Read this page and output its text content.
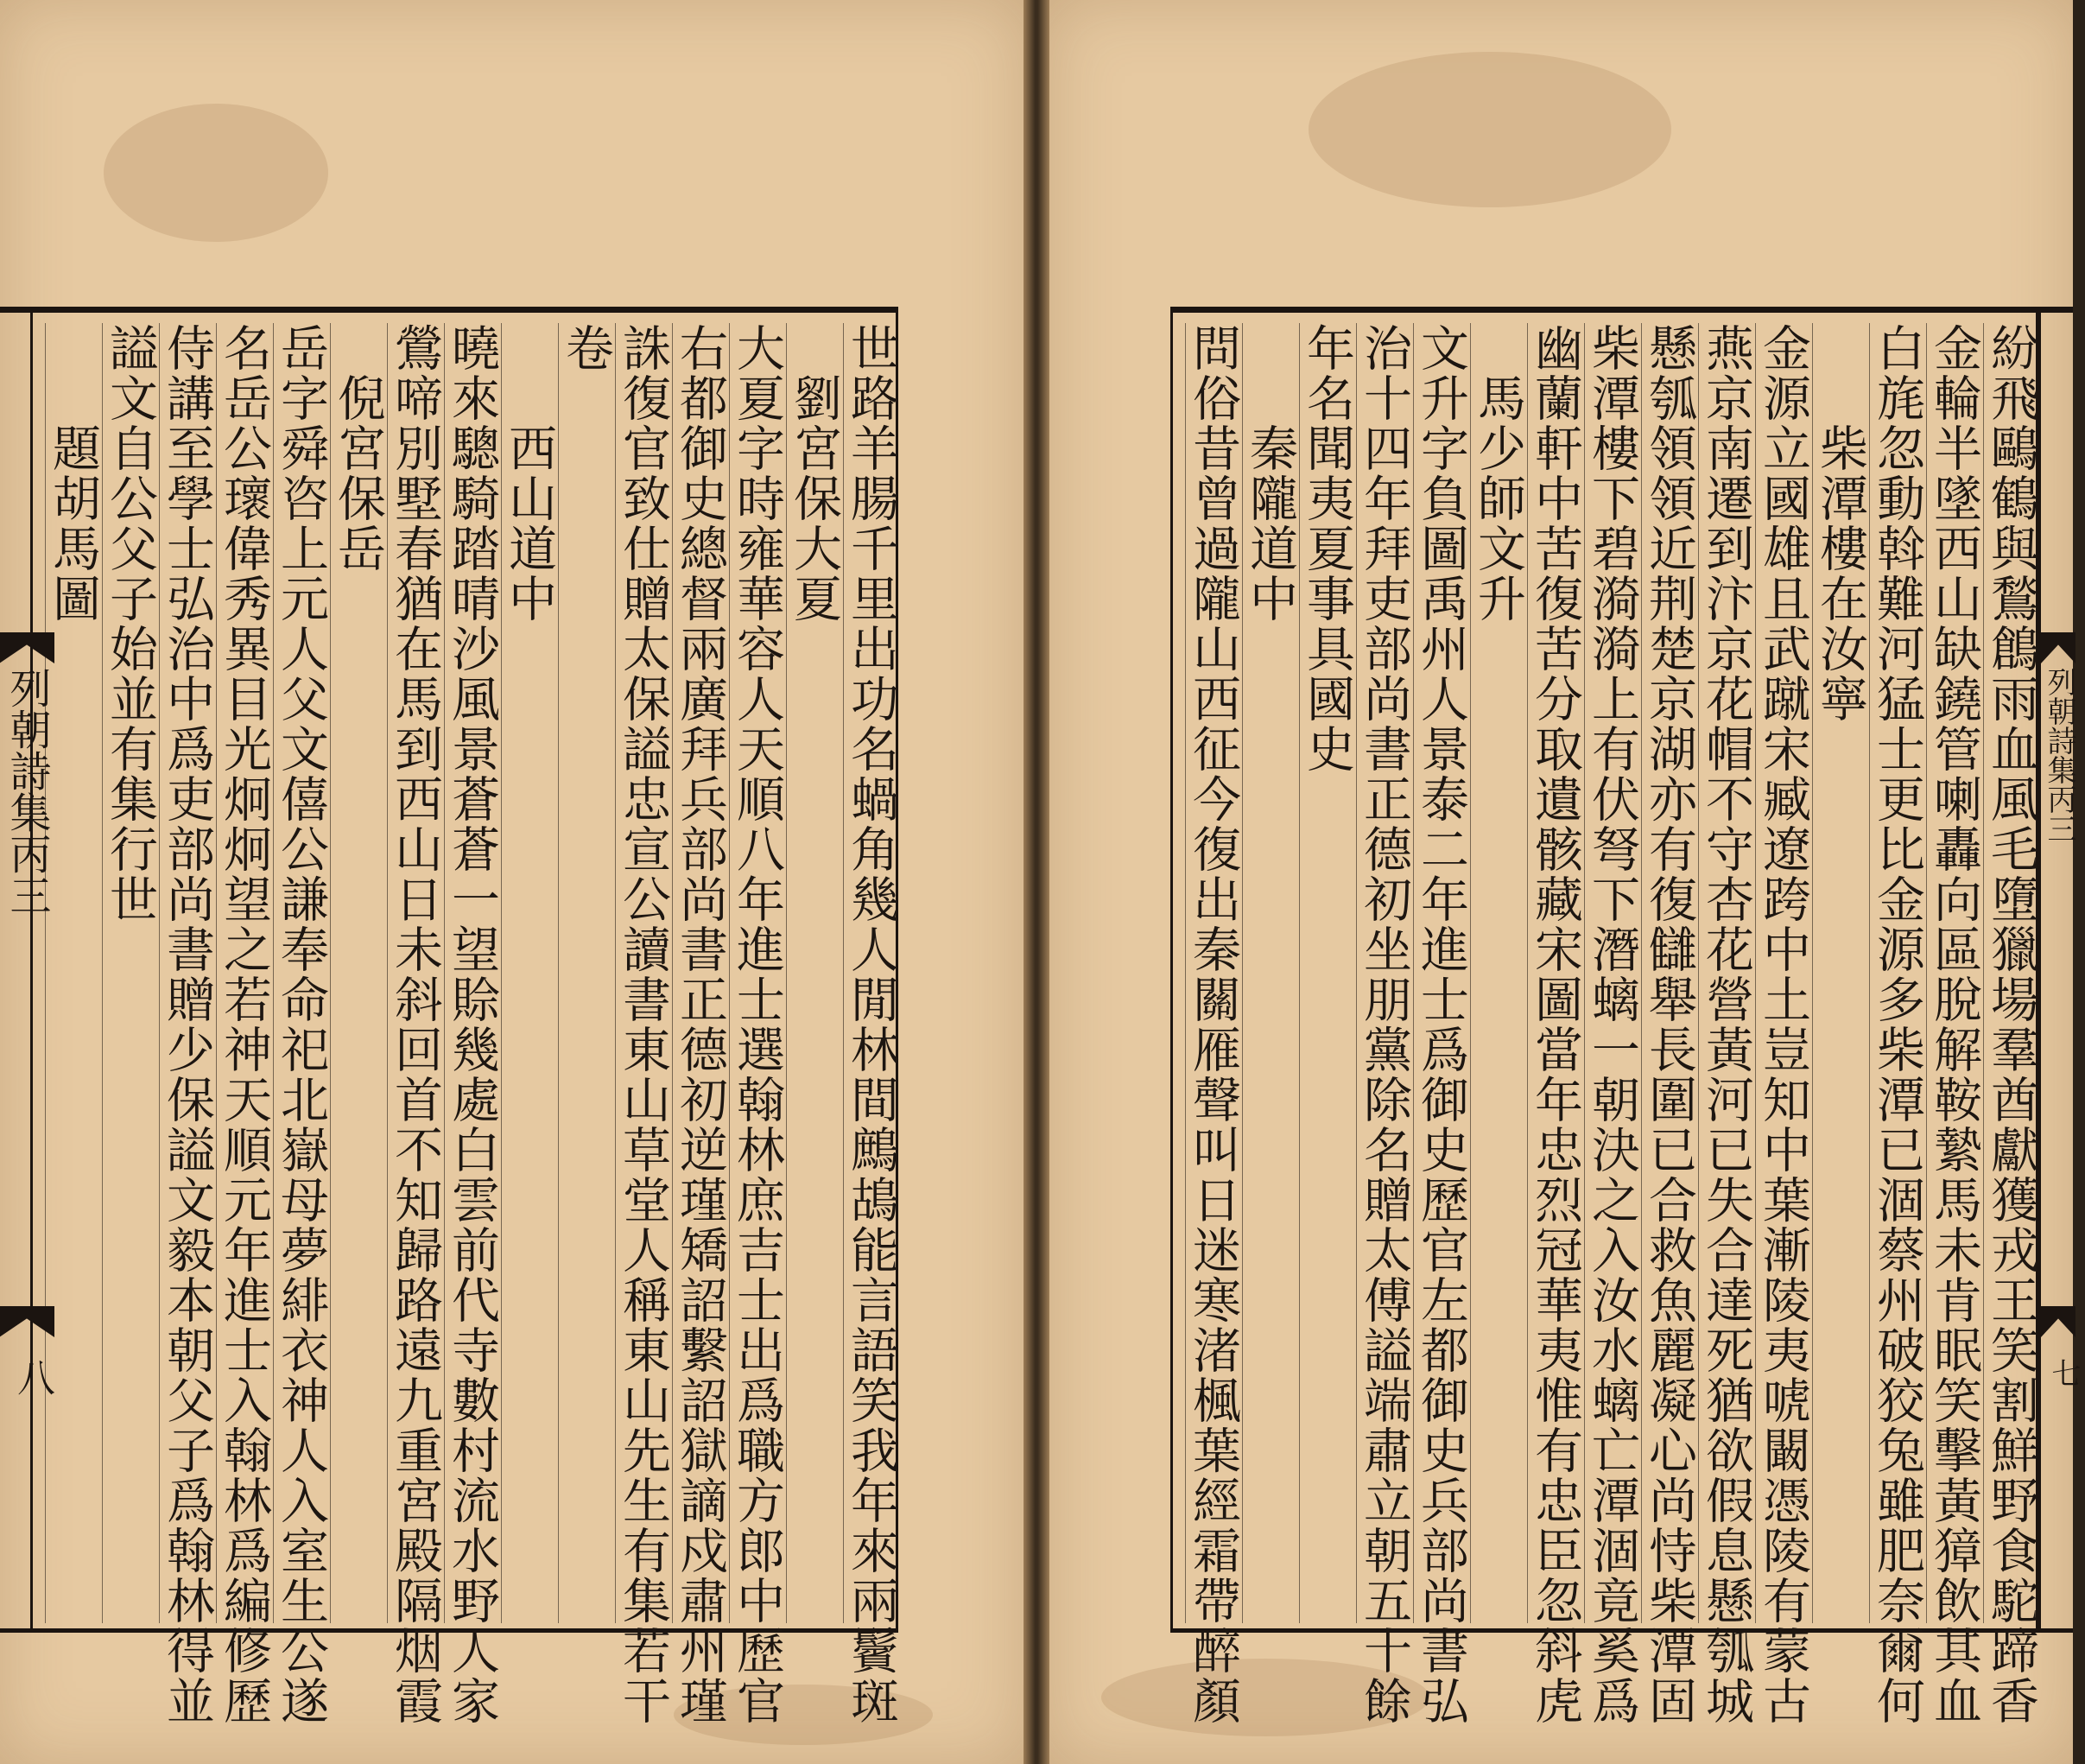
列朝詩集丙三
八	世路羊腸千里出功名蝸角幾人閒林間鷓鴣能言語笑我年來兩鬢斑
　劉宮保大夏
大夏字時雍華容人天順八年進士選翰林庶吉士出爲職方郎中歷官
右都御史總督兩廣拜兵部尚書正德初逆瑾矯詔繫詔獄謫戍肅州瑾
誅復官致仕贈太保謚忠宣公讀書東山草堂人稱東山先生有集若干
卷
　　西山道中
曉來驄騎踏晴沙風景蒼蒼一望賒幾處白雲前代寺數村流水野人家
鶯啼別墅春猶在馬到西山日未斜回首不知歸路遠九重宮殿隔烟霞
　倪宮保岳
岳字舜咨上元人父文僖公謙奉命祀北嶽母夢緋衣神人入室生公遂
名岳公瓌偉秀異目光炯炯望之若神天順元年進士入翰林爲編修歷
侍講至學士弘治中爲吏部尚書贈少保謚文毅本朝父子爲翰林得並
謚文自公父子始並有集行世
　　題胡馬圖	紛飛鷗鶴與鶖鶬雨血風毛墮獵場羣酋獻獲戎王笑割鮮野食駝蹄香
金輪半墜西山缺鐃管喇轟向區脫解鞍縶馬未肯眠笑擊黃獐飲其血
白旄忽動斡難河猛士更比金源多柴潭已涸蔡州破狡兔雖肥奈爾何
　　柴潭樓在汝寧
金源立國雄且武蹴宋臧遼跨中土豈知中葉漸陵夷唬闞憑陵有蒙古
燕京南遷到汴京花帽不守杏花營黃河已失合達死猶欲假息懸瓠城
懸瓠領領近荆楚京湖亦有復讎舉長圍已合救魚麗凝心尚恃柴潭固
柴潭樓下碧漪漪上有伏弩下潛螭一朝決之入汝水螭亡潭涸竟奚爲
幽蘭軒中苦復苦分取遺骸藏宋圖當年忠烈冠華夷惟有忠臣忽斜虎
　馬少師文升
文升字負圖禹州人景泰二年進士爲御史歷官左都御史兵部尚書弘
治十四年拜吏部尚書正德初坐朋黨除名贈太傅謚端肅立朝五十餘
年名聞夷夏事具國史
　　秦隴道中
問俗昔曾過隴山西征今復出秦關雁聲叫日迷寒渚楓葉經霜帶醉顏	列朝詩集丙三
七
